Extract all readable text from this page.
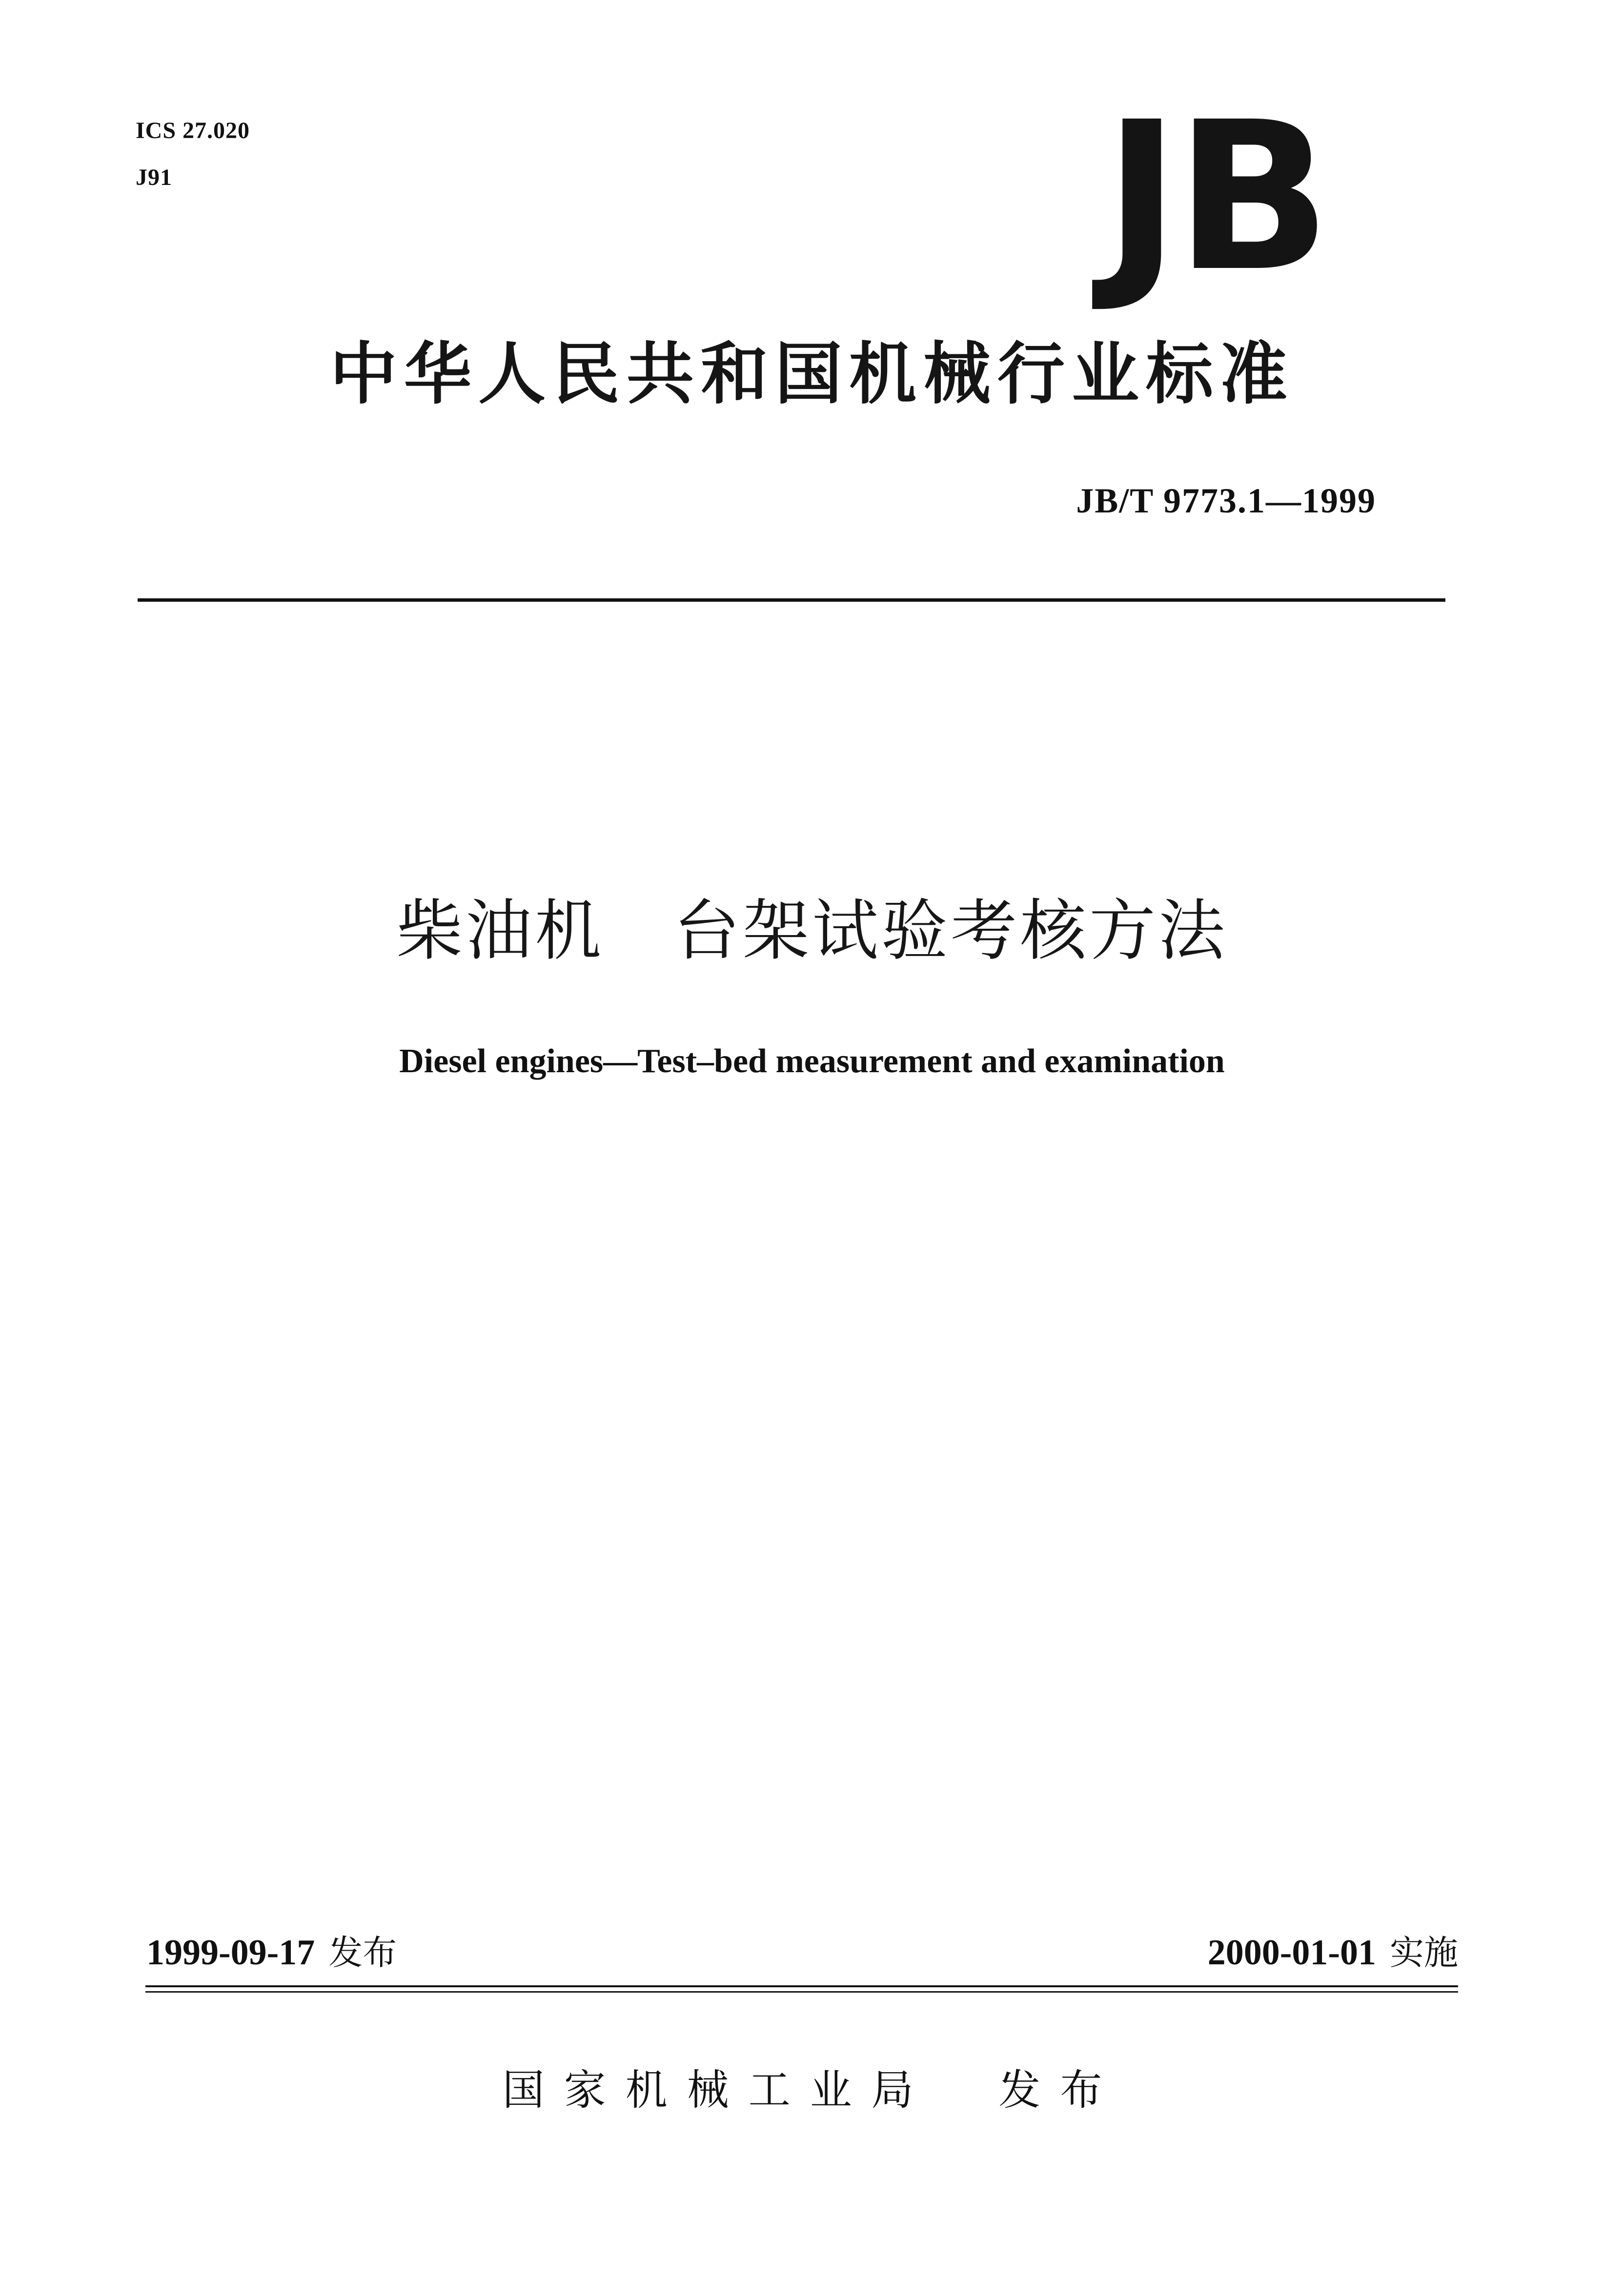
ICS 27.020
J91	JB
中华人民共和国机械行业标准
JB/T 9773.1—1999
柴油机　台架试验考核方法
Diesel engines—Test–bed measurement and examination
1999-09-17 发布	2000-01-01 实施
国家机械工业局 发布
